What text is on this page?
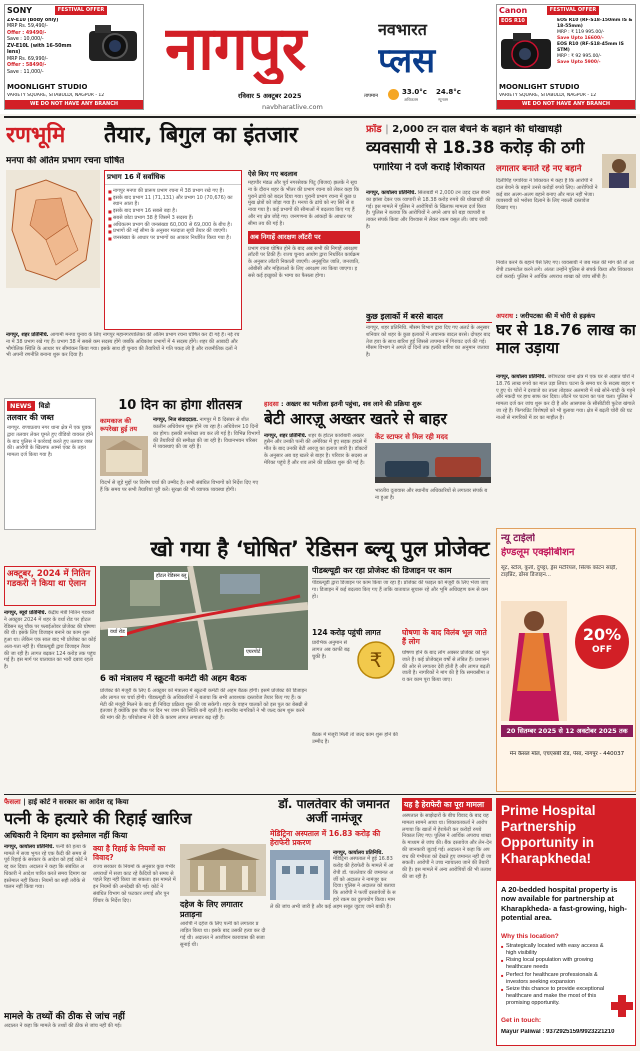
SONY	FESTIVAL OFFER
ZV-E10 (Body only)
MRP Rs. 59,490/-
Offer : 49490/-
Save : 10,000/-
ZV-E10L (with 16-50mm lens)
MRP Rs. 69,990/-
Offer : 58490/-
Save : 11,000/-
MOONLIGHT STUDIO
VARIETY SQUARE, SITABULDI, NAGPUR - 12
WE DO NOT HAVE ANY BRANCH
नागपुर	नवभारत
प्लस
रविवार 5 अक्टूबर 2025
navbharatlive.com
तापमान	33.0°c
अधिकतम
24.8°c
न्यूनतम
Canon	FESTIVAL OFFER
EOS R10	EOS R10 (RF-S18-150mm IS & 18-55mm)
MRP : ₹ 119 995.00/-
Save Upto 16600/-
EOS R10 (RF-S18-45mm IS STM)
MRP : ₹ 92 995.00/-
Save Upto 5900/-
MOONLIGHT STUDIO
VARIETY SQUARE, SITABULDI, NAGPUR - 12
WE DO NOT HAVE ANY BRANCH
रणभूमि तैयार, बिगुल का इंतजार
मनपा की अंतिम प्रभाग रचना घोषित
प्रभाग 16 में सर्वाधिक
■ नागपुर मनपा की प्रारूप प्रभाग रचना में 38 प्रभाग रखे गए हैं।
■ इसके बाद प्रभाग 11 (71,131) और प्रभाग 10 (70,676) का स्थान आता है।
■ इसके बाद प्रभाग 16 सबसे बड़ा है।
■ सबसे छोटा प्रभाग 38 है जिसमें 3 सदस्य हैं।
■ अधिकतम प्रभाग की जनसंख्या 60,000 से 69,000 के बीच है।
■ प्रभागों की नई सीमा के अनुसार मतदाता सूची तैयार की जाएगी।
■ जनसंख्या के आधार पर प्रभागों का आकार निर्धारित किया गया है।
ऐसे किए गए बदलाव
महापौर मंडळ और पूर्व नगरसेवक पिंटू (बिजय) झलके ने सूचना के दौरान शहर के भीतर की प्रभाग रचना को लेकर कहा कि पुराने ढांचे को बदल दिया गया। पुरानी प्रभाग रचना में कुछ प्रमुख क्षेत्रों को जोड़ा गया है। मनपा के ढांचे को नए सिरे से बनाया गया है। कई प्रभागों की सीमाओं में बदलाव किए गए हैं और नए क्षेत्र जोड़े गए। जनगणना के आंकड़ों के आधार पर सीमा तय की गई है।
अब निगाहें आरक्षण लॉटरी पर
प्रभाग रचना घोषित होने के बाद अब सभी की निगाहें आरक्षण लॉटरी पर टिकी हैं। राज्य चुनाव आयोग द्वारा निर्धारित कार्यक्रम के अनुसार लॉटरी निकाली जाएगी। अनुसूचित जाति, जनजाति, ओबीसी और महिलाओं के लिए आरक्षण तय किया जाएगा। इससे कई इच्छुकों के भाग्य का फैसला होगा।
नागपुर, शहर प्रतिनिधि. आगामी मनपा चुनाव के लिए नागपुर महानगरपालिका की अंतिम प्रभाग रचना घोषित कर दी गई है। नई रचना में 38 प्रभाग रखे गए हैं। प्रभाग 38 में सबसे कम सदस्य होंगे जबकि अधिकांश प्रभागों में 4 सदस्य होंगे। शहर की आबादी और भौगोलिक स्थिति के आधार पर सीमांकन किया गया। इसके साथ ही चुनाव की तैयारियों ने गति पकड़ ली है और राजनीतिक दलों ने भी अपनी रणनीति बनाना शुरू कर दिया है।
फ्रॉड | 2,000 टन दाल बेचने के बहाने की धोखाधड़ी
व्यवसायी से 18.38 करोड़ की ठगी
पगारिया ने दर्ज कराई शिकायत	लगातार बनाते रहे नए बहाने
दिलीपिंह पगारिया ने शिकायत में कहा है कि आरोपी ने दाल बेचने के बहाने उनसे करोड़ों रुपये लिए। आरोपियों ने कई बार अलग-अलग बहाने बनाए और माल नहीं भेजा। व्यवसायी को भरोसा दिलाने के लिए नकली दस्तावेज दिखाए गए।
नागपुर, कार्यालय प्रतिनिधि. सिताबर्डी में 2,000 टन उड़द दाल बेचने का झांसा देकर एक व्यापारी से 18.38 करोड़ रुपये की धोखाधड़ी की गई। इस मामले में पुलिस ने आरोपियों के खिलाफ मामला दर्ज किया है। पुलिस ने बताया कि आरोपियों ने अपने आप को बड़ा व्यापारी बताकर संपर्क किया और विश्वास में लेकर रकम वसूल ली। जांच जारी है।
निर्यात करने के बहाने पैसे लिए गए। व्यवसायी ने जब माल की मांग की तो आरोपी टालमटोल करने लगे। अंततः उन्होंने पुलिस से संपर्क किया और शिकायत दर्ज कराई। पुलिस ने आर्थिक अपराध शाखा को जांच सौंपी है।
कुछ इलाकों में बरसे बादल
नागपुर, शहर प्रतिनिधि. मौसम विभाग द्वारा दिए गए अलर्ट के अनुसार शनिवार को शहर के कुछ इलाकों में अचानक बादल बरसे। दोपहर बाद तेज हवा के साथ बारिश हुई जिससे तापमान में गिरावट दर्ज की गई। मौसम विभाग ने अगले दो दिनों तक हल्की बारिश का अनुमान जताया है।
अपराध : जरीपटका की में चोरी से हड़कंप
घर से 18.76 लाख का माल उड़ाया
नागपुर, कार्यालय प्रतिनिधि. जरीपटका थाना क्षेत्र में एक घर से अज्ञात चोरों ने 18.76 लाख रुपये का माल उड़ा लिया। घटना के समय घर के सदस्य बाहर गए हुए थे। चोरों ने दरवाजे का ताला तोड़कर अलमारी में रखे सोने-चांदी के गहने और नकदी पर हाथ साफ कर दिया। लौटने पर घटना का पता चला। पुलिस ने मामला दर्ज कर जांच शुरू कर दी है और आसपास के सीसीटीवी फुटेज खंगाले जा रहे हैं। फिंगरप्रिंट विशेषज्ञों को भी बुलाया गया। क्षेत्र में बढ़ती चोरी की घटनाओं से नागरिकों में डर का माहौल है।
NEWS	विडो
तलवार की जब्त
नागपुर. राणाप्रताप नगर थाना क्षेत्र में एक युवक द्वारा तलवार लेकर घूमते हुए वीडियो वायरल होने के बाद पुलिस ने कार्रवाई करते हुए तलवार जब्त की। आरोपी के खिलाफ आर्म्स एक्ट के तहत मामला दर्ज किया गया है।
10 दिन का होगा शीतसत्र
कामकाज की रूपरेखा हुई तय
नागपुर, निज संवाददाता. नागपुर में 8 दिसंबर से शीतकालीन अधिवेशन शुरू होने जा रहा है। अधिवेशन 10 दिनों का होगा। इसकी रूपरेखा तय कर ली गई है। विभिन्न विभागों की तैयारियों की समीक्षा की जा रही है। विधानभवन परिसर में व्यवस्थाएं की जा रही हैं।
विदर्भ से जुड़े मुद्दों पर विशेष चर्चा की उम्मीद है। सभी संबंधित विभागों को निर्देश दिए गए हैं कि समय पर सभी तैयारियां पूरी करें। सुरक्षा की भी व्यापक व्यवस्था होगी।
हादसा : अख्तर का भतीजा इतनी पहुंचा, शव लाने की प्रक्रिया शुरू
बेटी आरज़ू अख्तर खतरे से बाहर
नागपुर, शहर प्रतिनिधि. शहर के होटल कारोबारी अख्तर हुसैन और उनकी पत्नी की अमेरिका में हुए सड़क हादसे में मौत के बाद उनकी बेटी आरज़ू का इलाज जारी है। डॉक्टरों के अनुसार अब वह खतरे से बाहर है। परिवार के सदस्य अमेरिका पहुंचे हैं और शव लाने की प्रक्रिया शुरू की गई है।
केंट स्टाफर से मिल रही मदद
भारतीय दूतावास और स्थानीय अधिकारियों से लगातार संपर्क बना हुआ है।
खो गया है ‘घोषित’ रेडिसन ब्ल्यू पुल प्रोजेक्ट
अक्टूबर, 2024 में नितिन गडकरी ने किया था ऐलान
नागपुर, ब्यूरो प्रतिनिधि. केंद्रीय मंत्री नितिन गडकरी ने अक्टूबर 2024 में शहर के वर्धा रोड पर होटल रेडिसन ब्लू चौक पर फ्लाईओवर प्रोजेक्ट की घोषणा की थी। इसके लिए डिजाइन बनाने का काम शुरू हुआ था। लेकिन एक साल बाद भी प्रोजेक्ट का कोई अता-पता नहीं है। पीडब्ल्यूडी द्वारा डिजाइन तैयार की जा रही है। लागत बढ़कर 124 करोड़ तक पहुंच गई है। इस मार्ग पर यातायात का भारी दबाव रहता है।
हॉटल रेडिसन ब्लू
वर्धा रोड
एयरपोर्ट
6 को मंत्रालय में स्क्रूटनी कमेटी की अहम बैठक
प्रोजेक्ट की मंजूरी के लिए 6 अक्टूबर को मंत्रालय में स्क्रूटनी कमेटी की अहम बैठक होगी। इसमें प्रोजेक्ट की डिजाइन और लागत पर चर्चा होगी। पीडब्ल्यूडी के अधिकारियों ने बताया कि सभी आवश्यक दस्तावेज तैयार किए गए हैं। कमेटी की मंजूरी मिलने के बाद ही निविदा प्रक्रिया शुरू की जा सकेगी। शहर के वाहन चालकों को इस पुल का बेसब्री से इंतजार है क्योंकि इस चौक पर दिन भर जाम की स्थिति बनी रहती है। स्थानीय नागरिकों ने भी जल्द काम शुरू करने की मांग की है। परियोजना में देरी के कारण लागत लगातार बढ़ रही है।
पीडब्ल्यूडी कर रहा प्रोजेक्ट की डिजाइन पर काम
पीडब्ल्यूडी द्वारा डिजाइन पर काम किया जा रहा है। प्रोजेक्ट की फाइल को मंजूरी के लिए भेजा जाएगा। डिजाइन में कई बदलाव किए गए हैं ताकि यातायात सुचारू रहे और भूमि अधिग्रहण कम से कम हो।
124 करोड़ पहुंची लागत
₹
प्रारंभिक अनुमान से लागत अब काफी बढ़ चुकी है।
घोषणा के बाद विलंब भूल जाते हैं लोग
घोषणा होने के बाद लोग अक्सर प्रोजेक्ट को भूल जाते हैं। कई प्रोजेक्ट्स वर्षों से लंबित हैं। प्रशासन की ओर से लगातार देरी होती है और लागत बढ़ती जाती है। नागरिकों ने मांग की है कि समयसीमा तय कर काम पूरा किया जाए।
बैठक में मंजूरी मिली तो जल्द काम शुरू होने की उम्मीद है।
न्यू टाईलो
हेण्डलूम एक्झीबीशन
सूट, स्टोल, कुर्ता, दुपट्टा, ड्रेस मटेरियल, सिल्क कॉटन साड़ी, टाइप्रिंट, ढोसा डिजाइन...
20%
OFF
20 सितम्बर 2025 से 12 अक्टोबर 2025 तक
मेन कैसल मॉल, एचएसबी रोड, पेंसा, नागपुर - 440037
फैसला | हाई कोर्ट ने सरकार का आदेश रद्द किया
पत्नी के हत्यारे की रिहाई खारिज
अधिकारी ने दिमाग का इस्तेमाल नहीं किया
नागपुर, कार्यालय प्रतिनिधि. पत्नी की हत्या के मामले में सजा भुगत रहे एक कैदी की समय से पूर्व रिहाई के सरकार के आदेश को हाई कोर्ट ने रद्द कर दिया। अदालत ने कहा कि संबंधित अधिकारी ने आदेश पारित करते समय दिमाग का इस्तेमाल नहीं किया। नियमों का सही तरीके से पालन नहीं किया गया।
क्या है रिहाई के नियमों का विवाद?
राज्य सरकार के नियमों के अनुसार कुछ गंभीर अपराधों में सजा काट रहे कैदियों को समय से पहले रिहा नहीं किया जा सकता। इस मामले में इन नियमों की अनदेखी की गई। कोर्ट ने संबंधित विभाग को फटकार लगाई और पुनर्विचार के निर्देश दिए।	दहेज के लिए लगातार प्रताड़ना
आरोपी ने दहेज के लिए पत्नी को लगातार प्रताड़ित किया था। इसके बाद उसकी हत्या कर दी गई थी। अदालत ने आजीवन कारावास की सजा सुनाई थी।
मामले के तथ्यों की ठीक से जांच नहीं
अदालत ने कहा कि मामले के तथ्यों की ठीक से जांच नहीं की गई।
डॉ. पालतेवार की जमानत अर्जी नामंजूर
मेडिट्रिना अस्पताल में 16.83 करोड़ की हेराफेरी प्रकरण
नागपुर, कार्यालय प्रतिनिधि. मेडिट्रिना अस्पताल में हुई 16.83 करोड़ की हेराफेरी के मामले में आरोपी डॉ. पालतेवार की जमानत अर्जी को अदालत ने नामंजूर कर दिया। पुलिस ने अदालत को बताया कि आरोपी ने फर्जी दस्तावेजों के सहारे रकम का दुरुपयोग किया। मामले की जांच अभी जारी है और कई अहम सबूत जुटाए जाने बाकी हैं।
यह है हेराफेरी का पूरा मामला
अस्पताल के साझेदारों के बीच विवाद के बाद यह मामला सामने आया था। शिकायतकर्ता ने आरोप लगाया कि खातों में हेराफेरी कर करोड़ों रुपये निकाल लिए गए। पुलिस ने आर्थिक अपराध शाखा के माध्यम से जांच की। बैंक दस्तावेज और लेन-देन की जानकारी जुटाई गई। अदालत ने कहा कि अपराध की गंभीरता को देखते हुए जमानत नहीं दी जा सकती। आरोपी ने उच्च न्यायालय जाने की तैयारी की है। इस मामले में अन्य आरोपियों की भी तलाश की जा रही है।
Prime Hospital Partnership Opportunity in Kharapkheda!
A 20-bedded hospital property is now available for partnership at Kharapkheda- a fast-growing, high-potential area.
Why this location?
■ Strategically located with easy access & high visibility
■ Rising local population with growing healthcare needs
■ Perfect for healthcare professionals & investors seeking expansion
■ Seize this chance to provide exceptional healthcare and make the most of this promising opportunity.
Get in touch:
Mayur Paliwal : 9372925159/9923221210
